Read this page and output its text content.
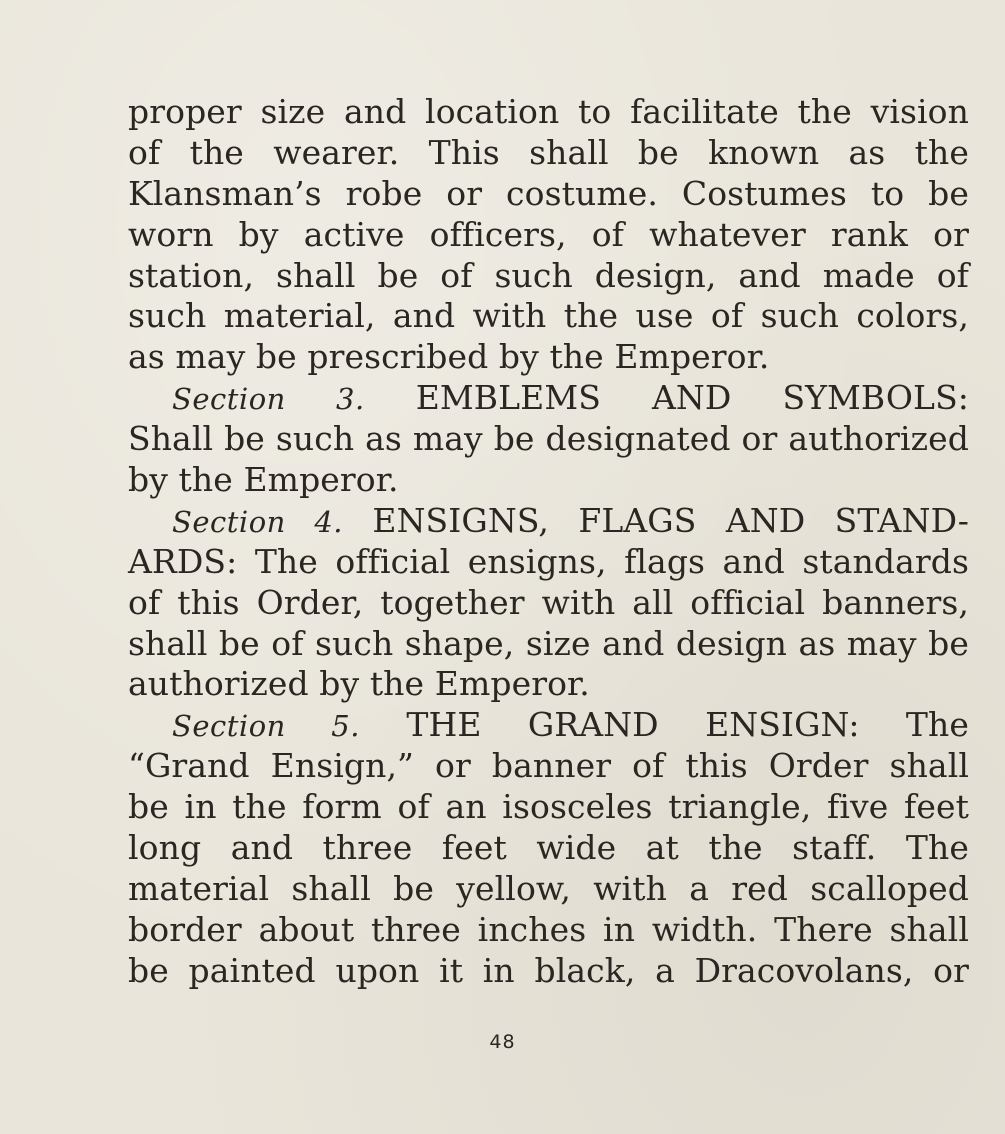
proper size and location to facilitate the vision
of the wearer. This shall be known as the
Klansman’s robe or costume. Costumes to be
worn by active officers, of whatever rank or
station, shall be of such design, and made of
such material, and with the use of such colors,
as may be prescribed by the Emperor.
Section 3. EMBLEMS AND SYMBOLS:
Shall be such as may be designated or authorized
by the Emperor.
Section 4. ENSIGNS, FLAGS AND STAND-
ARDS: The official ensigns, flags and standards
of this Order, together with all official banners,
shall be of such shape, size and design as may be
authorized by the Emperor.
Section 5. THE GRAND ENSIGN: The
“Grand Ensign,” or banner of this Order shall
be in the form of an isosceles triangle, five feet
long and three feet wide at the staff. The
material shall be yellow, with a red scalloped
border about three inches in width. There shall
be painted upon it in black, a Dracovolans, or
48
